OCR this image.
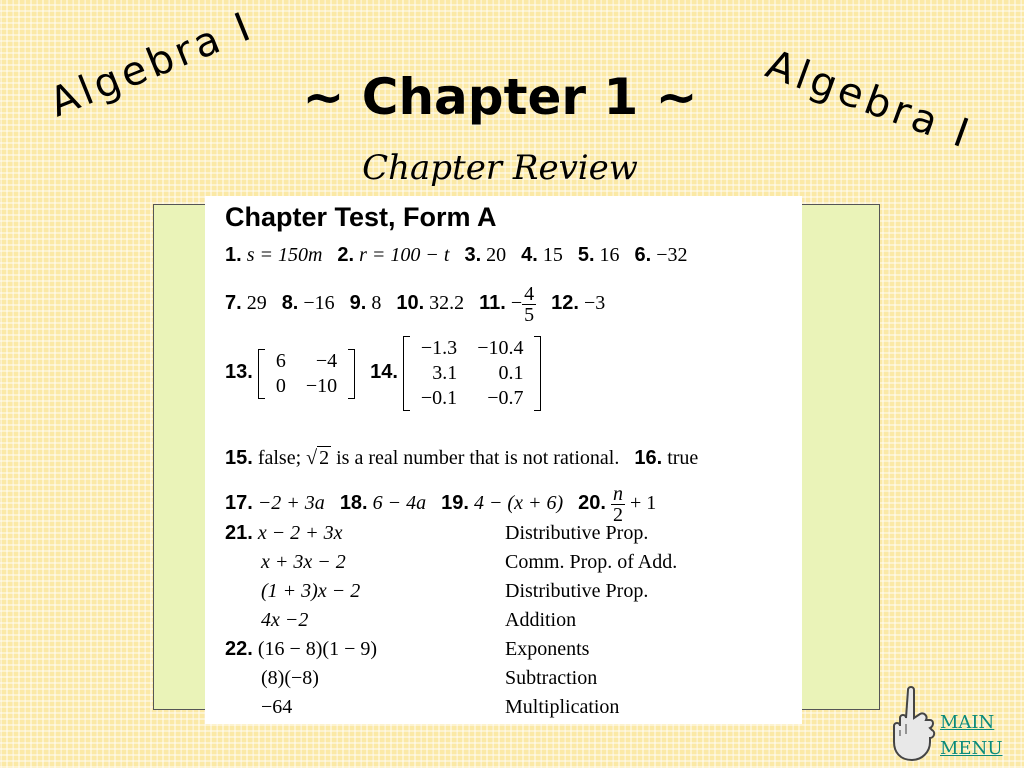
Algebra I	Algebra I
~ Chapter 1 ~
Chapter Review
Chapter Test, Form A
1. s = 150m 2. r = 100 − t 3. 20 4. 15 5. 16 6. −32
7. 29 8. −16 9. 8 10. 32.2 11. − $\frac{4}{5} 12$. −3
13.
6	−4
0	−10
14.
−1.3	−10.4
3.1	0.1
−0.1	−0.7
15. false; √ 2 is a real number that is not rational. 16. true
17. −2 + 3a 18. 6 − 4a 19. 4 − (x + 6) 20. $\frac{n}{2} + 1$
21. x − 2 + 3x	Distributive Prop.
x + 3x − 2	Comm. Prop. of Add.
(1 + 3)x − 2	Distributive Prop.
4x −2	Addition
22. (16 − 8)(1 − 9)	Exponents
(8)(−8)	Subtraction
−64	Multiplication
MAIN
MENU
